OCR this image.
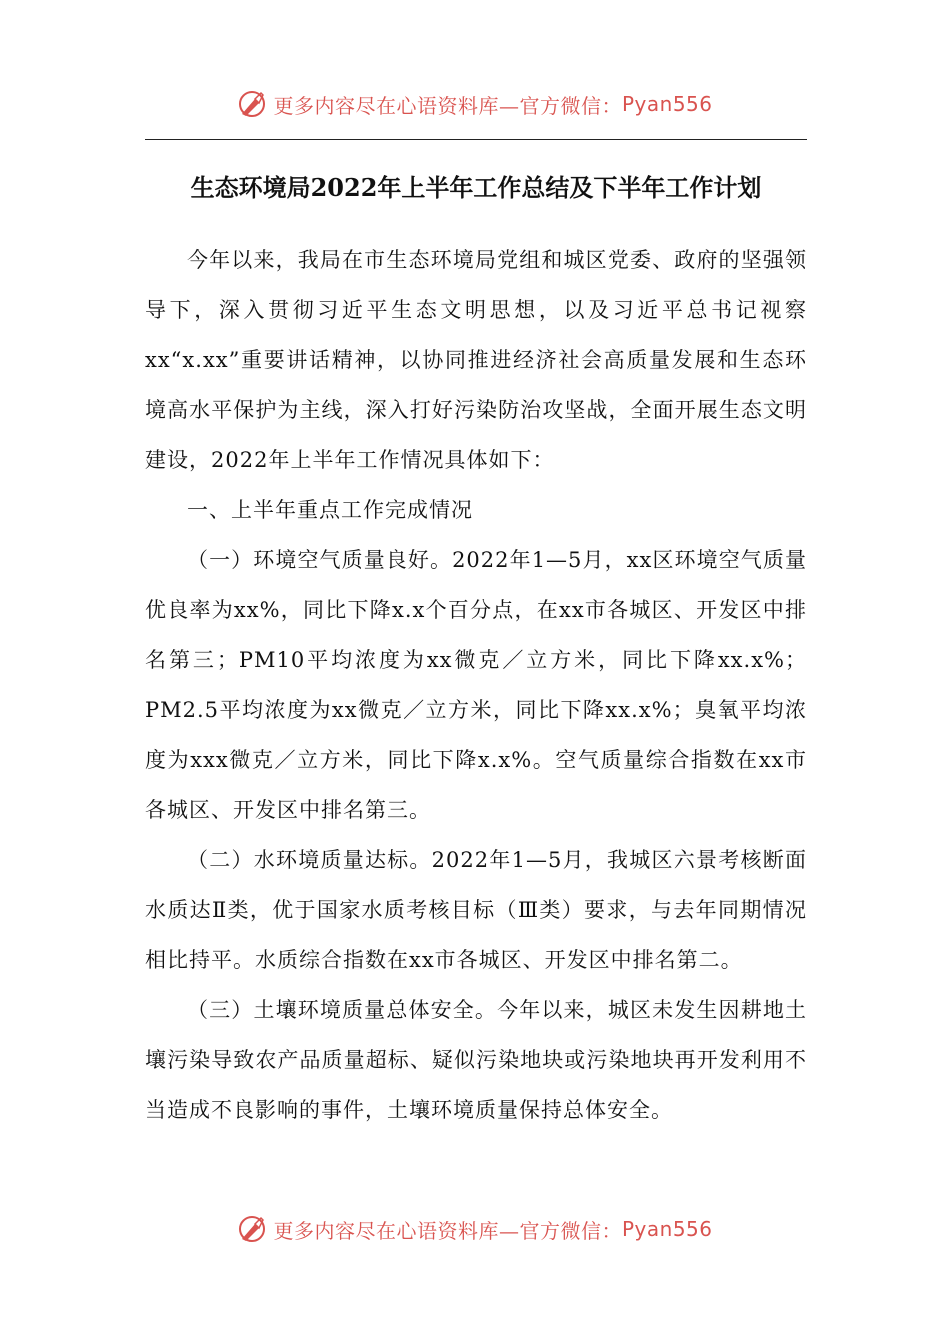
更多内容尽在心语资料库—官方微信： Pyan556
生态环境局2022年上半年工作总结及下半年工作计划

今年以来，我局在市生态环境局党组和城区党委、政府的坚强领导下，深入贯彻习近平生态文明思想，以及习近平总书记视察xx“x.xx”重要讲话精神，以协同推进经济社会高质量发展和生态环境高水平保护为主线，深入打好污染防治攻坚战，全面开展生态文明建设，2022年上半年工作情况具体如下：

一、上半年重点工作完成情况

（一）环境空气质量良好。2022年1—5月，xx区环境空气质量优良率为xx%，同比下降x.x个百分点，在xx市各城区、开发区中排名第三；PM10平均浓度为xx微克／立方米，同比下降xx.x%；PM2.5平均浓度为xx微克／立方米，同比下降xx.x%；臭氧平均浓度为xxx微克／立方米，同比下降x.x%。空气质量综合指数在xx市各城区、开发区中排名第三。

（二）水环境质量达标。2022年1—5月，我城区六景考核断面水质达Ⅱ类，优于国家水质考核目标（Ⅲ类）要求，与去年同期情况相比持平。水质综合指数在xx市各城区、开发区中排名第二。

（三）土壤环境质量总体安全。今年以来，城区未发生因耕地土壤污染导致农产品质量超标、疑似污染地块或污染地块再开发利用不当造成不良影响的事件，土壤环境质量保持总体安全。

更多内容尽在心语资料库—官方微信： Pyan556
